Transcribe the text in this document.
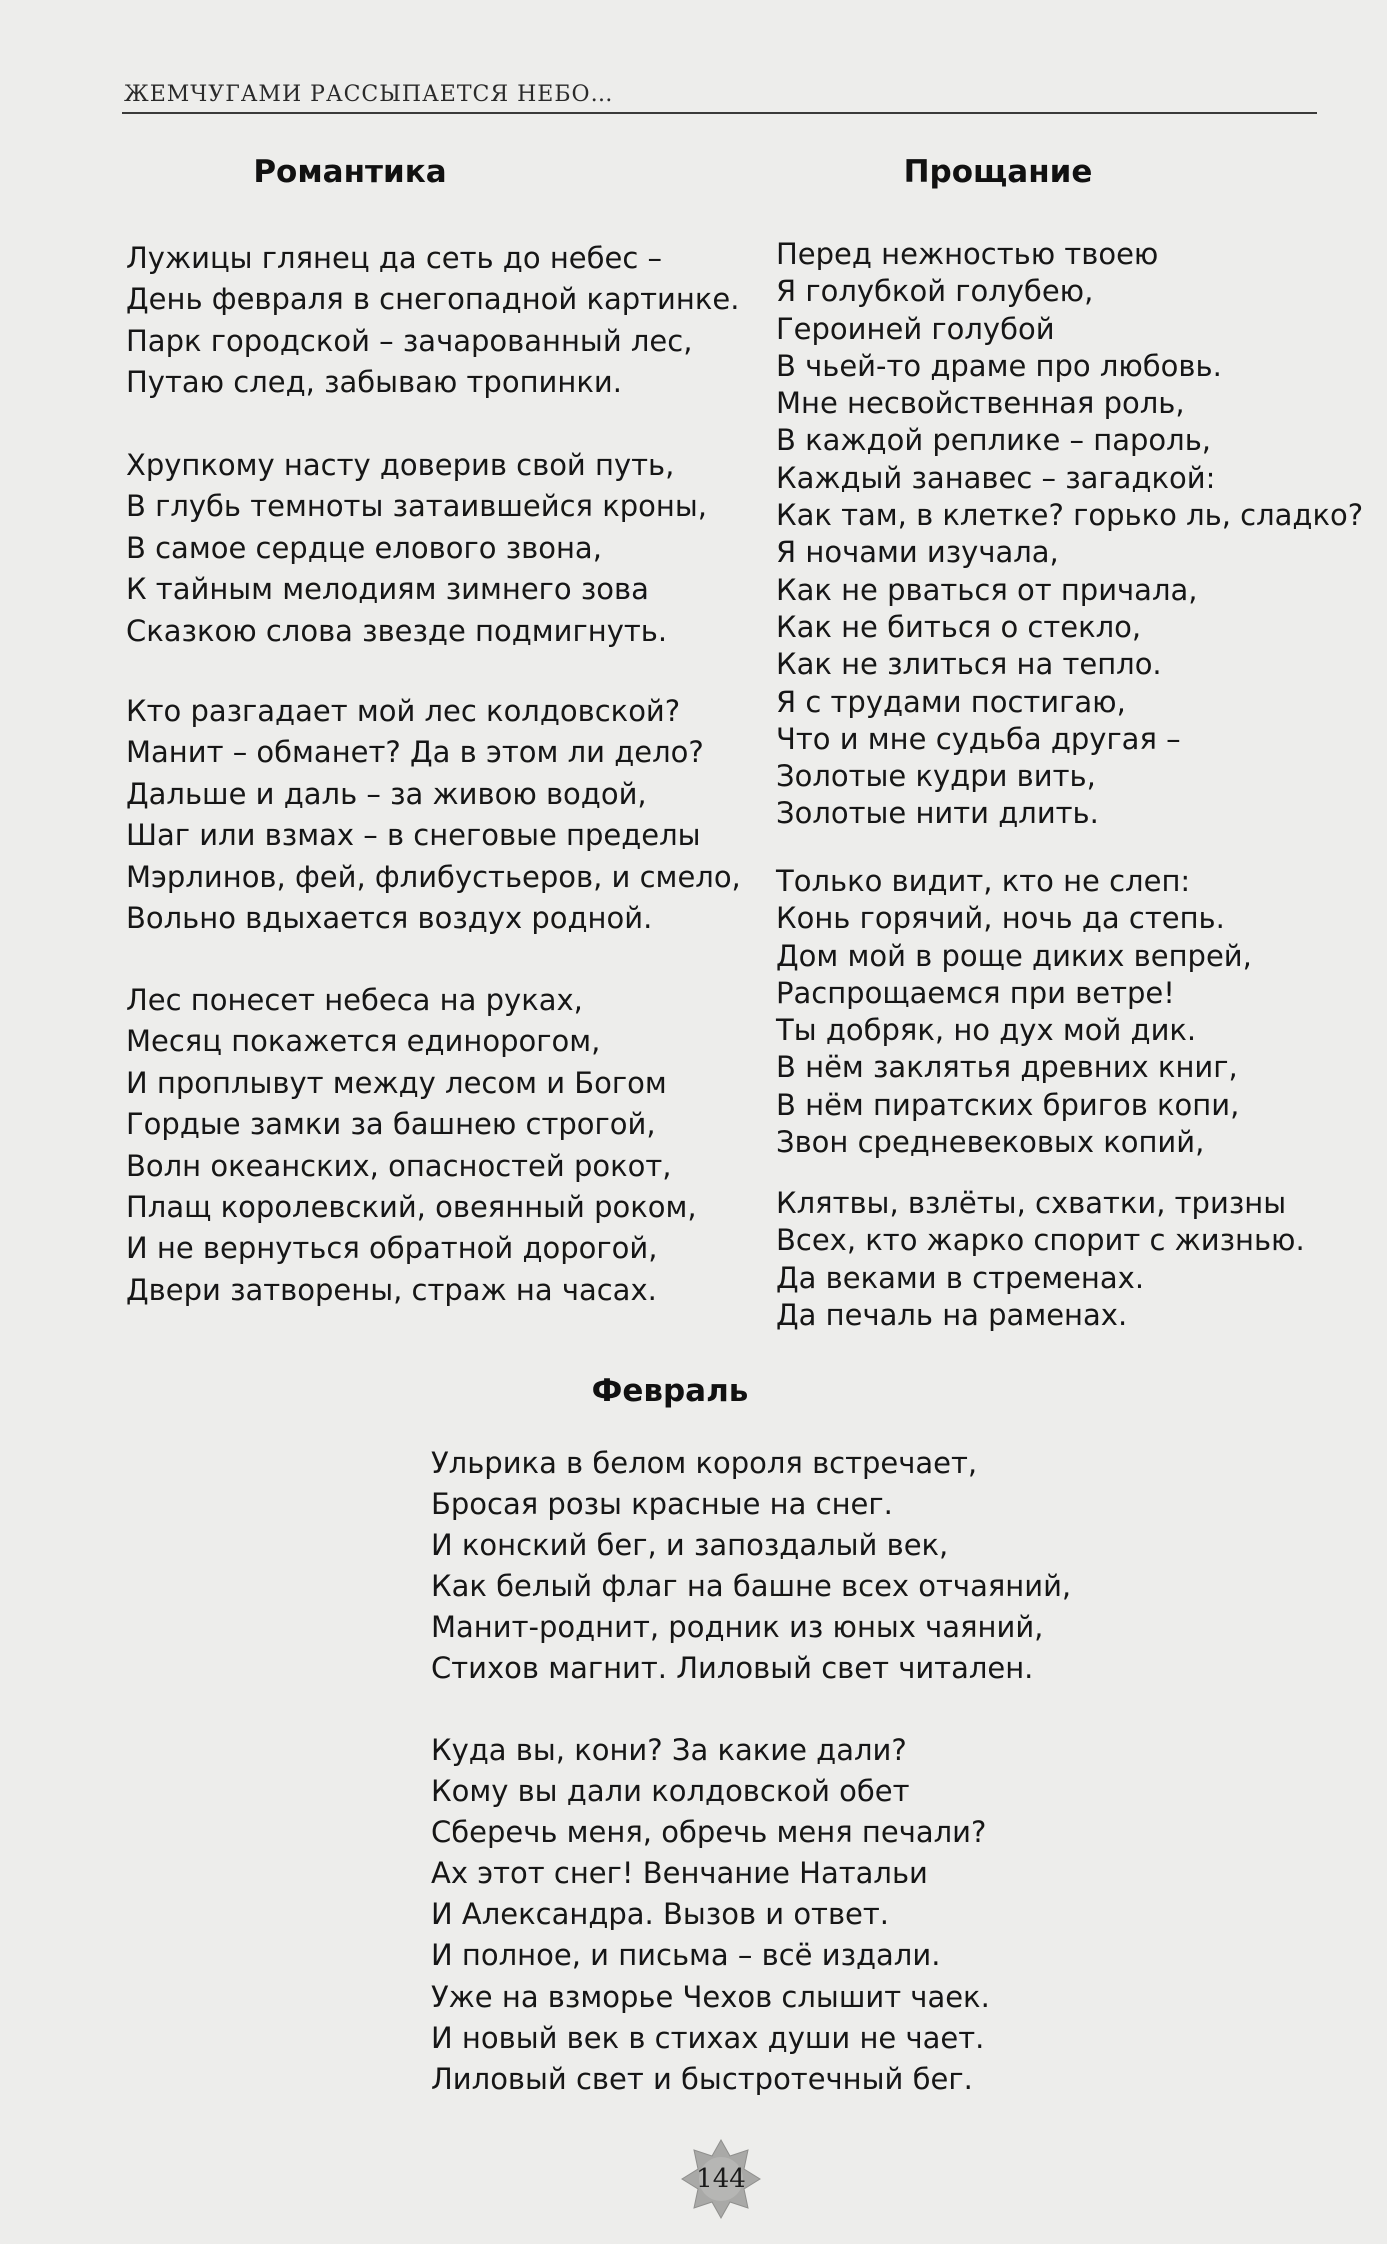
ЖЕМЧУГАМИ РАССЫПАЕТСЯ НЕБО…
Романтика
Лужицы глянец да сеть до небес –
День февраля в снегопадной картинке.
Парк городской – зачарованный лес,
Путаю след, забываю тропинки.
Хрупкому насту доверив свой путь,
В глубь темноты затаившейся кроны,
В самое сердце елового звона,
К тайным мелодиям зимнего зова
Сказкою слова звезде подмигнуть.
Кто разгадает мой лес колдовской?
Манит – обманет? Да в этом ли дело?
Дальше и даль – за живою водой,
Шаг или взмах – в снеговые пределы
Мэрлинов, фей, флибустьеров, и смело,
Вольно вдыхается воздух родной.
Лес понесет небеса на руках,
Месяц покажется единорогом,
И проплывут между лесом и Богом
Гордые замки за башнею строгой,
Волн океанских, опасностей рокот,
Плащ королевский, овеянный роком,
И не вернуться обратной дорогой,
Двери затворены, страж на часах.
Прощание
Перед нежностью твоею
Я голубкой голубею,
Героиней голубой
В чьей-то драме про любовь.
Мне несвойственная роль,
В каждой реплике – пароль,
Каждый занавес – загадкой:
Как там, в клетке? горько ль, сладко?
Я ночами изучала,
Как не рваться от причала,
Как не биться о стекло,
Как не злиться на тепло.
Я с трудами постигаю,
Что и мне судьба другая –
Золотые кудри вить,
Золотые нити длить.
Только видит, кто не слеп:
Конь горячий, ночь да степь.
Дом мой в роще диких вепрей,
Распрощаемся при ветре!
Ты добряк, но дух мой дик.
В нём заклятья древних книг,
В нём пиратских бригов копи,
Звон средневековых копий,
Клятвы, взлёты, схватки, тризны
Всех, кто жарко спорит с жизнью.
Да веками в стременах.
Да печаль на раменах.
Февраль
Ульрика в белом короля встречает,
Бросая розы красные на снег.
И конский бег, и запоздалый век,
Как белый флаг на башне всех отчаяний,
Манит-роднит, родник из юных чаяний,
Стихов магнит. Лиловый свет читален.
Куда вы, кони? За какие дали?
Кому вы дали колдовской обет
Сберечь меня, обречь меня печали?
Ах этот снег! Венчание Натальи
И Александра. Вызов и ответ.
И полное, и письма – всё издали.
Уже на взморье Чехов слышит чаек.
И новый век в стихах души не чает.
Лиловый свет и быстротечный бег.
144
